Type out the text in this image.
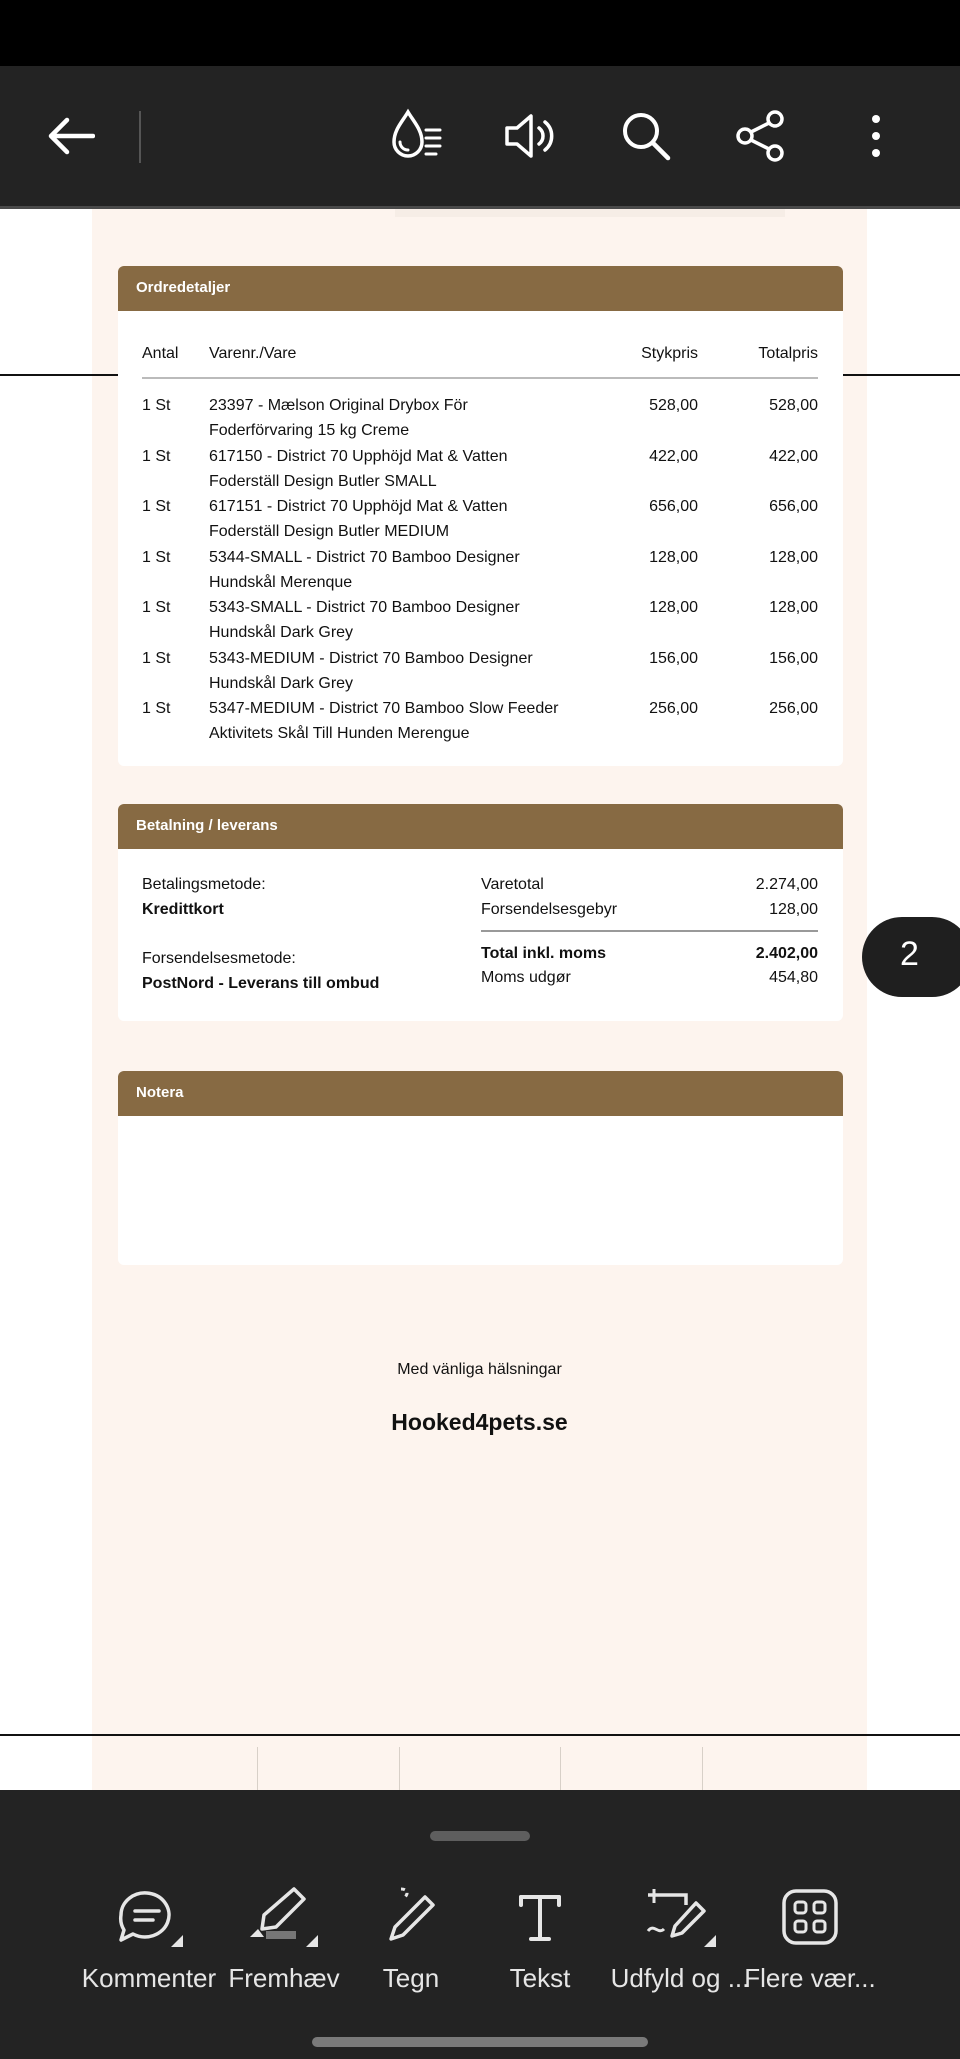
Ordredetaljer
Antal Varenr./Vare	Stykpris	Totalpris
1 St 23397 - Mælson Original Drybox För
Foderförvaring 15 kg Creme
528,00	528,00
1 St 617150 - District 70 Upphöjd Mat & Vatten
Foderställ Design Butler SMALL
422,00	422,00
1 St 617151 - District 70 Upphöjd Mat & Vatten
Foderställ Design Butler MEDIUM
656,00	656,00
1 St 5344-SMALL - District 70 Bamboo Designer
Hundskål Merenque
128,00	128,00
1 St 5343-SMALL - District 70 Bamboo Designer
Hundskål Dark Grey
128,00	128,00
1 St 5343-MEDIUM - District 70 Bamboo Designer
Hundskål Dark Grey
156,00	156,00
1 St 5347-MEDIUM - District 70 Bamboo Slow Feeder
Aktivitets Skål Till Hunden Merengue
256,00	256,00
Betalning / leverans
Betalingsmetode:
Kredittkort
Forsendelsesmetode:
PostNord - Leverans till ombud
Varetotal	2.274,00
Forsendelsesgebyr	128,00
Total inkl. moms	2.402,00
Moms udgør	454,80
Notera
Med vänliga hälsningar
Hooked4pets.se
2
Kommenter Fremhæv	Tegn	Tekst	Udfyld og ...
Flere vær...
